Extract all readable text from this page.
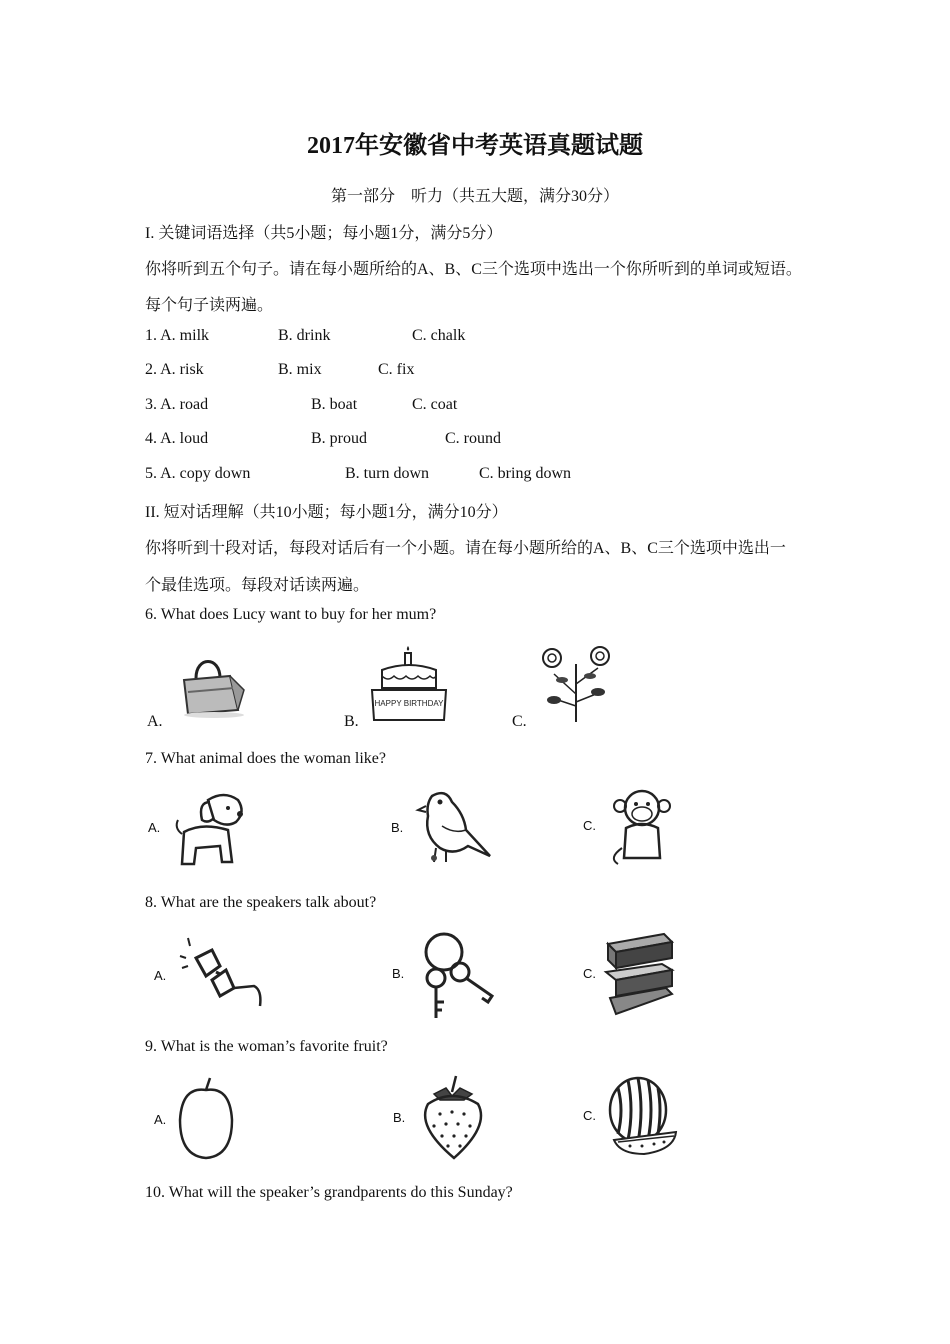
2017年安徽省中考英语真题试题
第一部分　听力（共五大题，满分30分）
I. 关键词语选择（共5小题；每小题1分，满分5分）
你将听到五个句子。请在每小题所给的A、B、C三个选项中选出一个你所听到的单词或短语。
每个句子读两遍。
1. A. milk	B. drink	C. chalk
2. A. risk	B. mix	C. fix
3. A. road	B. boat	C. coat
4. A. loud	B. proud	C. round
5. A. copy down	B. turn down	C. bring down
II. 短对话理解（共10小题；每小题1分，满分10分）
你将听到十段对话，每段对话后有一个小题。请在每小题所给的A、B、C三个选项中选出一
个最佳选项。每段对话读两遍。
6. What does Lucy want to buy for her mum?
A.	B.
HAPPY BIRTHDAY
C.
7. What animal does the woman like?
A.	B.	C.
8. What are the speakers talk about?
A.	B.	C.
9. What is the woman’s favorite fruit?
A.	B.	C.
10. What will the speaker’s grandparents do this Sunday?
